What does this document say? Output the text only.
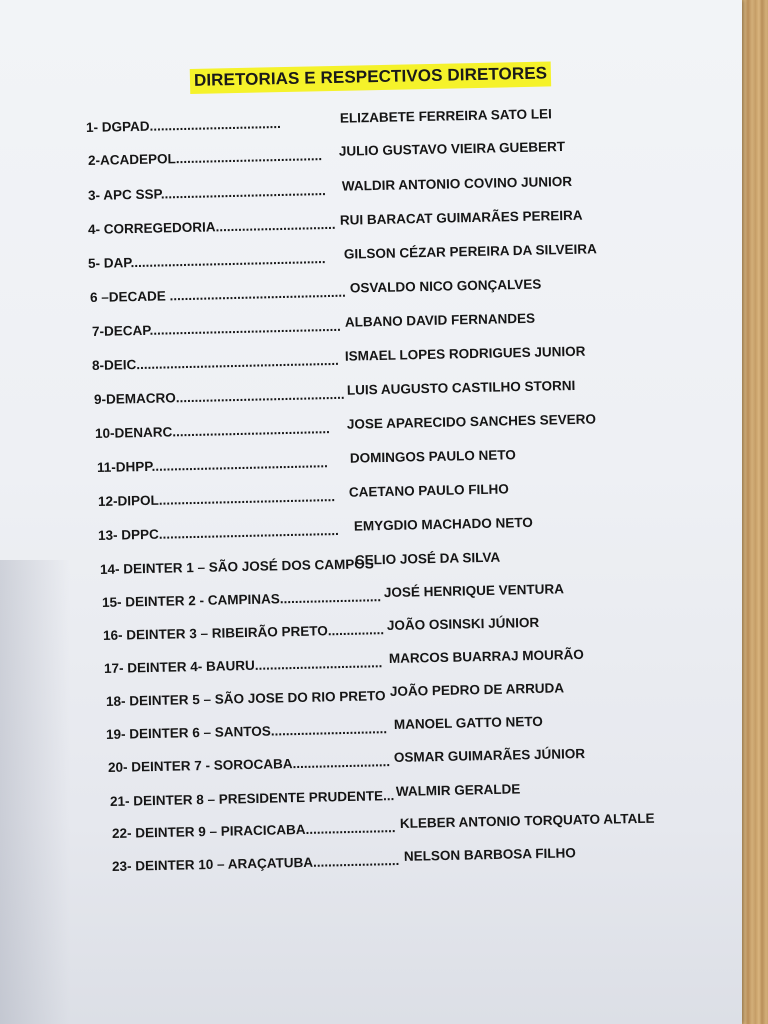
DIRETORIAS E RESPECTIVOS DIRETORES
1- DGPAD...................................	ELIZABETE FERREIRA SATO LEI
2-ACADEPOL....................................... JULIO GUSTAVO VIEIRA GUEBERT
3- APC SSP............................................ WALDIR ANTONIO COVINO JUNIOR
4- CORREGEDORIA................................ RUI BARACAT GUIMARÃES PEREIRA
5- DAP.................................................... GILSON CÉZAR PEREIRA DA SILVEIRA
6 –DECADE ............................................... OSVALDO NICO GONÇALVES
7-DECAP................................................... ALBANO DAVID FERNANDES
8-DEIC...................................................... ISMAEL LOPES RODRIGUES JUNIOR
9-DEMACRO............................................. LUIS AUGUSTO CASTILHO STORNI
10-DENARC.......................................... JOSE APARECIDO SANCHES SEVERO
11-DHPP............................................... DOMINGOS PAULO NETO
12-DIPOL............................................... CAETANO PAULO FILHO
13- DPPC................................................ EMYGDIO MACHADO NETO
14- DEINTER 1 – SÃO JOSÉ DOS CAMPOS
CELIO JOSÉ DA SILVA
15- DEINTER 2 - CAMPINAS........................... JOSÉ HENRIQUE VENTURA
16- DEINTER 3 – RIBEIRÃO PRETO............... JOÃO OSINSKI JÚNIOR
17- DEINTER 4- BAURU.................................. MARCOS BUARRAJ MOURÃO
18- DEINTER 5 – SÃO JOSE DO RIO PRETO JOÃO PEDRO DE ARRUDA
19- DEINTER 6 – SANTOS............................... MANOEL GATTO NETO
20- DEINTER 7 - SOROCABA.......................... OSMAR GUIMARÃES JÚNIOR
21- DEINTER 8 – PRESIDENTE PRUDENTE... WALMIR GERALDE
22- DEINTER 9 – PIRACICABA........................ KLEBER ANTONIO TORQUATO ALTALE
23- DEINTER 10 – ARAÇATUBA....................... NELSON BARBOSA FILHO
